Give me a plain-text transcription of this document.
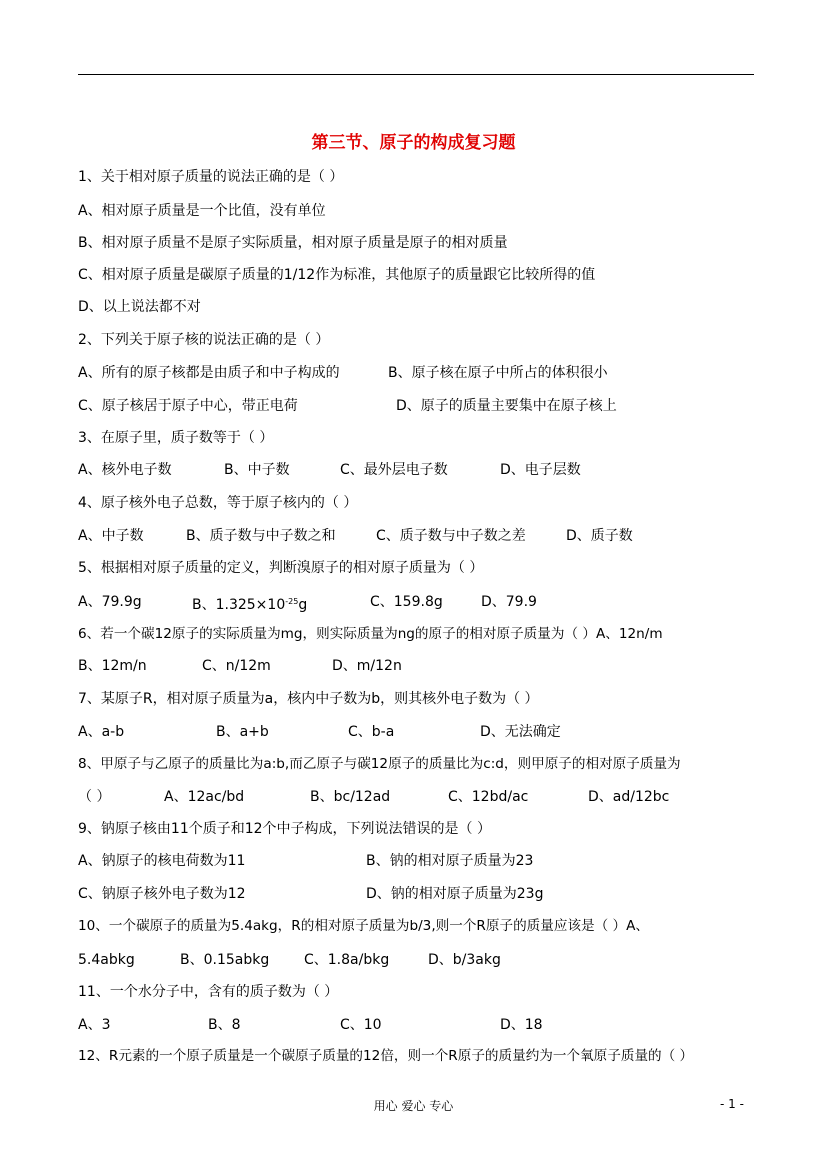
第三节、原子的构成复习题
1、关于相对原子质量的说法正确的是（ ）
A、相对原子质量是一个比值，没有单位
B、相对原子质量不是原子实际质量，相对原子质量是原子的相对质量
C、相对原子质量是碳原子质量的1/12作为标准，其他原子的质量跟它比较所得的值
D、以上说法都不对
2、下列关于原子核的说法正确的是（ ）
A、所有的原子核都是由质子和中子构成的	B、原子核在原子中所占的体积很小
C、原子核居于原子中心，带正电荷	D、原子的质量主要集中在原子核上
3、在原子里，质子数等于（ ）
A、核外电子数	B、中子数	C、最外层电子数	D、电子层数
4、原子核外电子总数，等于原子核内的（ ）
A、中子数	B、质子数与中子数之和	C、质子数与中子数之差	D、质子数
5、根据相对原子质量的定义，判断溴原子的相对原子质量为（ ）
A、79.9g	B、$1.325\times 10^{-25}g$	C、159.8g	D、79.9
6、若一个碳12原子的实际质量为mg，则实际质量为ng的原子的相对原子质量为（ ）A、12n/m
B、12m/n	C、n/12m	D、m/12n
7、某原子R，相对原子质量为a，核内中子数为b，则其核外电子数为（ ）
A、a-b	B、a+b	C、b-a	D、无法确定
8、甲原子与乙原子的质量比为a:b,而乙原子与碳12原子的质量比为c:d，则甲原子的相对原子质量为
（ ）	A、12ac/bd	B、bc/12ad	C、12bd/ac	D、ad/12bc
9、钠原子核由11个质子和12个中子构成，下列说法错误的是（ ）
A、钠原子的核电荷数为11	B、钠的相对原子质量为23
C、钠原子核外电子数为12	D、钠的相对原子质量为23g
10、一个碳原子的质量为5.4akg，R的相对原子质量为b/3,则一个R原子的质量应该是（ ）A、
5.4abkg	B、0.15abkg C、1.8a/bkg	D、b/3akg
11、一个水分子中，含有的质子数为（ ）
A、3	B、8	C、10	D、18
12、R元素的一个原子质量是一个碳原子质量的12倍，则一个R原子的质量约为一个氧原子质量的（ ）
用心 爱心 专心	- 1 -
